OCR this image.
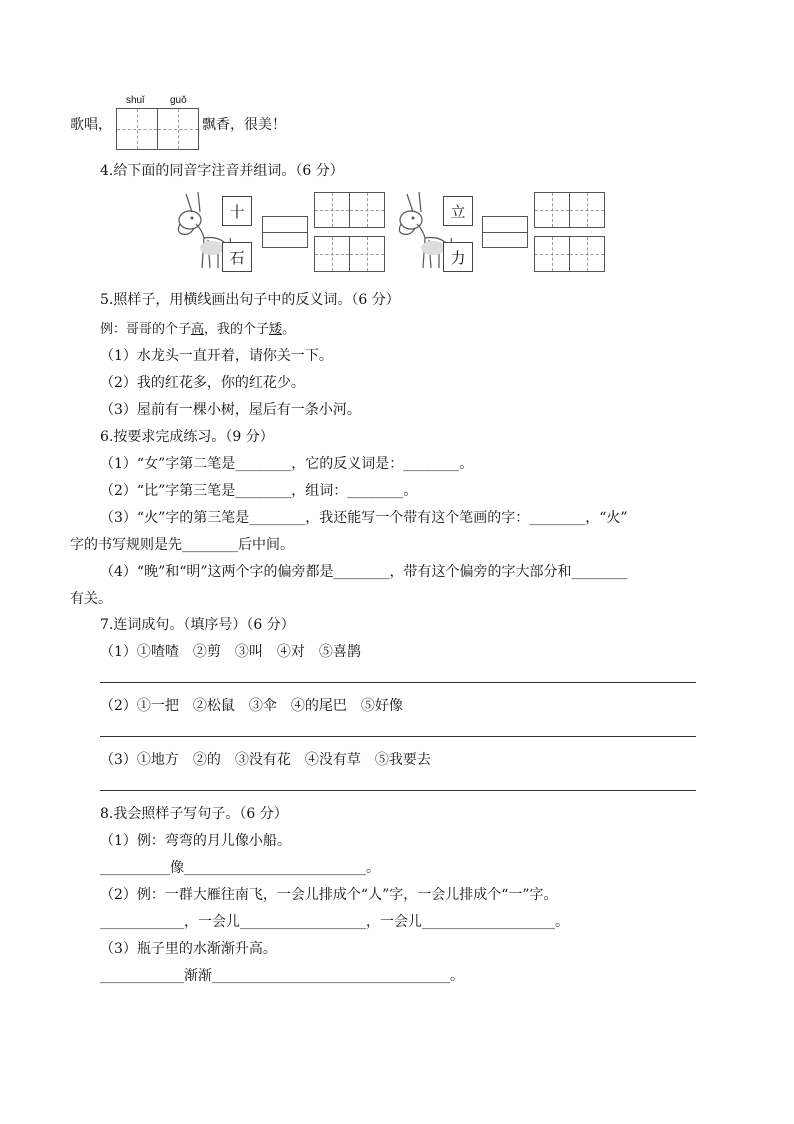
歌唱，
shuǐ	guǒ
飘香，很美！
4.给下面的同音字注音并组词。（6 分）
十
石
立
力
5.照样子，用横线画出句子中的反义词。（6 分）
例：哥哥的个子高，我的个子矮。
（1）水龙头一直开着，请你关一下。
（2）我的红花多，你的红花少。
（3）屋前有一棵小树，屋后有一条小河。
6.按要求完成练习。（9 分）
（1）“女”字第二笔是________，它的反义词是：________。
（2）“比”字第三笔是________，组词：________。
（3）“火”字的第三笔是________，我还能写一个带有这个笔画的字：________，“火”
字的书写规则是先________后中间。
（4）“晚”和“明”这两个字的偏旁都是________，带有这个偏旁的字大部分和________
有关。
7.连词成句。（填序号）（6 分）
（1）①喳喳　②剪　③叫　④对　⑤喜鹊
（2）①一把　②松鼠　③伞　④的尾巴　⑤好像
（3）①地方　②的　③没有花　④没有草　⑤我要去
8.我会照样子写句子。（6 分）
（1）例：弯弯的月儿像小船。
__________像__________________________。
（2）例：一群大雁往南飞，一会儿排成个“人”字，一会儿排成个“一”字。
____________，一会儿__________________，一会儿___________________。
（3）瓶子里的水渐渐升高。
____________渐渐__________________________________。
